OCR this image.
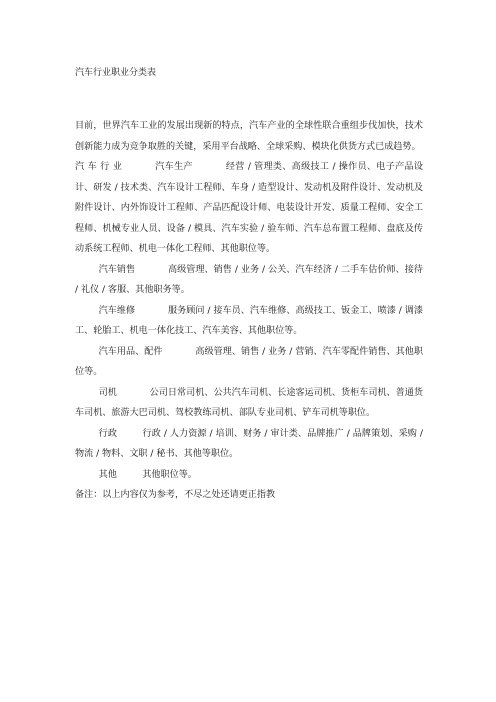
汽车行业职业分类表

目前，世界汽车工业的发展出现新的特点，汽车产业的全球性联合重组步伐加快，技术创新能力成为竞争取胜的关键，采用平台战略、全球采购、模块化供货方式已成趋势。

汽 车 行 业	汽车生产	经营 / 管理类、高级技工 / 操作员、电子产品设计、研发 / 技术类、汽车设计工程师、车身 / 造型设计、发动机及附件设计、发动机及附件设计、内外饰设计工程师、产品匹配设计师、电装设计开发、质量工程师、安全工程师、机械专业人员、设备 / 模具、汽车实验 / 验车师、汽车总布置工程师、盘底及传动系统工程师、机电一体化工程师、其他职位等。

汽车销售	高级管理、销售 / 业务 / 公关、汽车经济 / 二手车估价师、接待 / 礼仪 / 客服、其他职务等。

汽车维修	服务顾问 / 接车员、汽车维修、高级技工、钣金工、喷漆 / 调漆工、轮胎工、机电一体化技工、汽车美容、其他职位等。

汽车用品、配件	高级管理、销售 / 业务 / 营销、汽车零配件销售、其他职位等。

司机	公司日常司机、公共汽车司机、长途客运司机、货柜车司机、普通货车司机、旅游大巴司机、驾校教练司机、部队专业司机、铲车司机等职位。

行政	行政 / 人力资源 / 培训、财务 / 审计类、品牌推广 / 品牌策划、采购 / 物流 / 物料、文职 / 秘书、其他等职位。

其他	其他职位等。

备注：以上内容仅为参考，不尽之处还请更正指教
